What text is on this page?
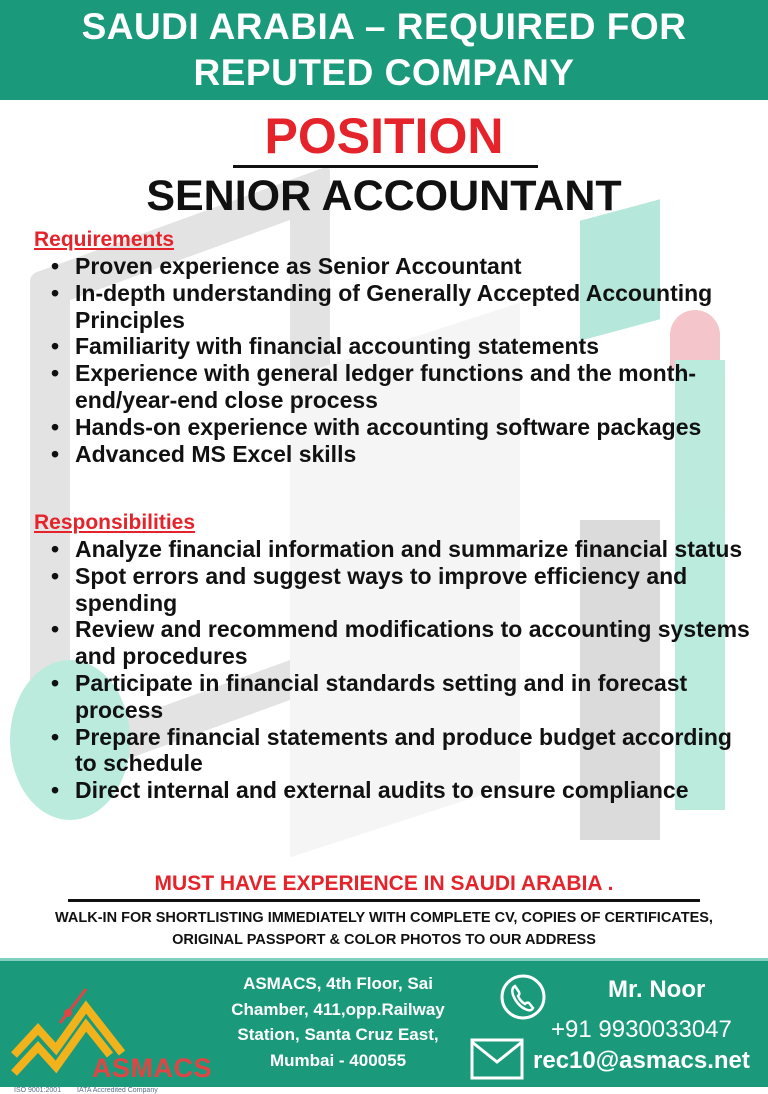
SAUDI ARABIA – REQUIRED FOR
REPUTED COMPANY
POSITION
SENIOR ACCOUNTANT
Requirements
• Proven experience as Senior Accountant
• In-depth understanding of Generally Accepted Accounting Principles
• Familiarity with financial accounting statements
• Experience with general ledger functions and the month-end/year-end close process
• Hands-on experience with accounting software packages
• Advanced MS Excel skills
Responsibilities
• Analyze financial information and summarize financial status
• Spot errors and suggest ways to improve efficiency and spending
• Review and recommend modifications to accounting systems and procedures
• Participate in financial standards setting and in forecast process
• Prepare financial statements and produce budget according to schedule
• Direct internal and external audits to ensure compliance
MUST HAVE EXPERIENCE IN SAUDI ARABIA .
WALK-IN FOR SHORTLISTING IMMEDIATELY WITH COMPLETE CV, COPIES OF CERTIFICATES,
ORIGINAL PASSPORT & COLOR PHOTOS TO OUR ADDRESS
ASMACS
ISO 9001:2001 IATA Accredited Company
ASMACS, 4th Floor, Sai
Chamber, 411,opp.Railway
Station, Santa Cruz East,
Mumbai - 400055
Mr. Noor
+91 9930033047
rec10@asmacs.net
